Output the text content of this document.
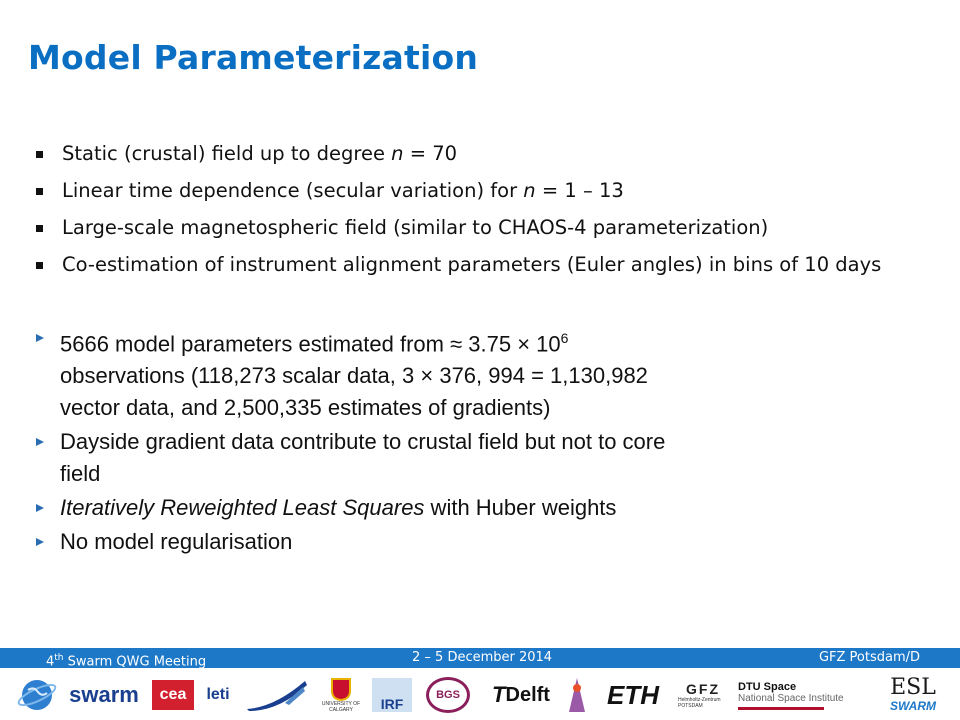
Model Parameterization
Static (crustal) field up to degree n = 70
Linear time dependence (secular variation) for n = 1 – 13
Large-scale magnetospheric field (similar to CHAOS-4 parameterization)
Co-estimation of instrument alignment parameters (Euler angles) in bins of 10 days
5666 model parameters estimated from ≈ $3.75 \times 10^6$
observations (118,273 scalar data, 3 × 376, 994 = 1,130,982
vector data, and 2,500,335 estimates of gradients)
Dayside gradient data contribute to crustal field but not to core
field
Iteratively Reweighted Least Squares with Huber weights
No model regularisation
4th Swarm QWG Meeting	2 – 5 December 2014	GFZ Potsdam/D
swarm cea leti
UNIVERSITY OF CALGARY	IRF
BGS T Delft ETH GFZ
Helmholtz-Zentrum POTSDAM
DTU Space
National Space Institute ESL
SWARM
